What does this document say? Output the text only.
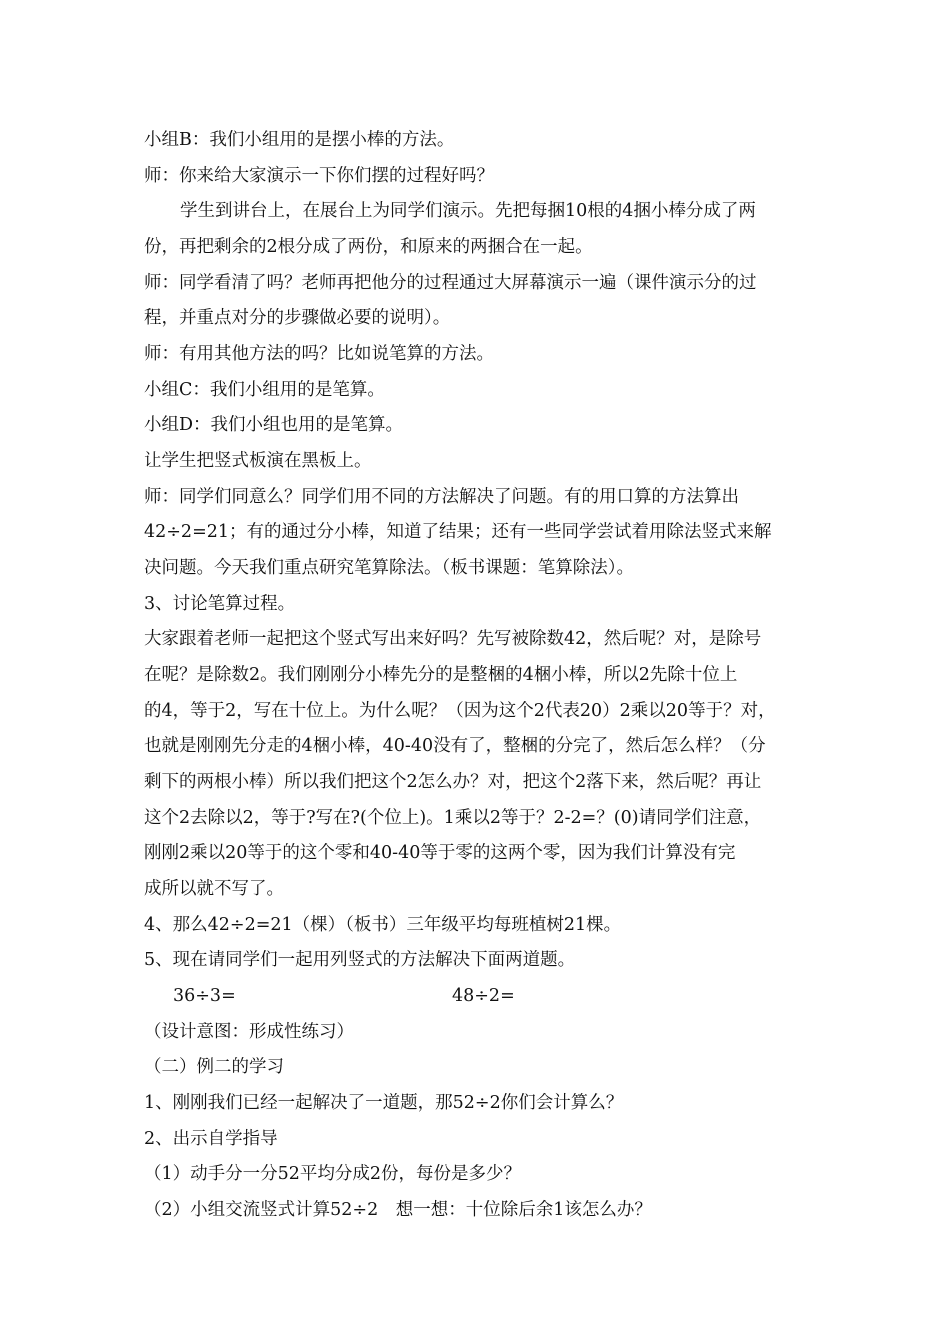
小组B：我们小组用的是摆小棒的方法。
师：你来给大家演示一下你们摆的过程好吗？
学生到讲台上，在展台上为同学们演示。先把每捆10根的4捆小棒分成了两
份，再把剩余的2根分成了两份，和原来的两捆合在一起。
师：同学看清了吗？老师再把他分的过程通过大屏幕演示一遍（课件演示分的过
程，并重点对分的步骤做必要的说明）。
师：有用其他方法的吗？比如说笔算的方法。
小组C：我们小组用的是笔算。
小组D：我们小组也用的是笔算。
让学生把竖式板演在黑板上。
师：同学们同意么？同学们用不同的方法解决了问题。有的用口算的方法算出
42÷2=21；有的通过分小棒，知道了结果；还有一些同学尝试着用除法竖式来解
决问题。今天我们重点研究笔算除法。（板书课题：笔算除法）。
3、讨论笔算过程。
大家跟着老师一起把这个竖式写出来好吗？先写被除数42，然后呢？对，是除号
在呢？是除数2。我们刚刚分小棒先分的是整梱的4梱小棒，所以2先除十位上
的4，等于2，写在十位上。为什么呢？（因为这个2代表20）2乘以20等于？对，
也就是刚刚先分走的4梱小棒，40-40没有了，整梱的分完了，然后怎么样？（分
剩下的两根小棒）所以我们把这个2怎么办？对，把这个2落下来，然后呢？再让
这个2去除以2，等于?写在?(个位上)。1乘以2等于？2-2=？(0)请同学们注意，
刚刚2乘以20等于的这个零和40-40等于零的这两个零，因为我们计算没有完
成所以就不写了。
4、那么42÷2=21（棵）（板书）三年级平均每班植树21棵。
5、现在请同学们一起用列竖式的方法解决下面两道题。
36÷3=	48÷2=
（设计意图：形成性练习）
（二）例二的学习
1、刚刚我们已经一起解决了一道题，那52÷2你们会计算么？
2、出示自学指导
（1）动手分一分52平均分成2份，每份是多少？
（2）小组交流竖式计算52÷2　想一想：十位除后余1该怎么办？
